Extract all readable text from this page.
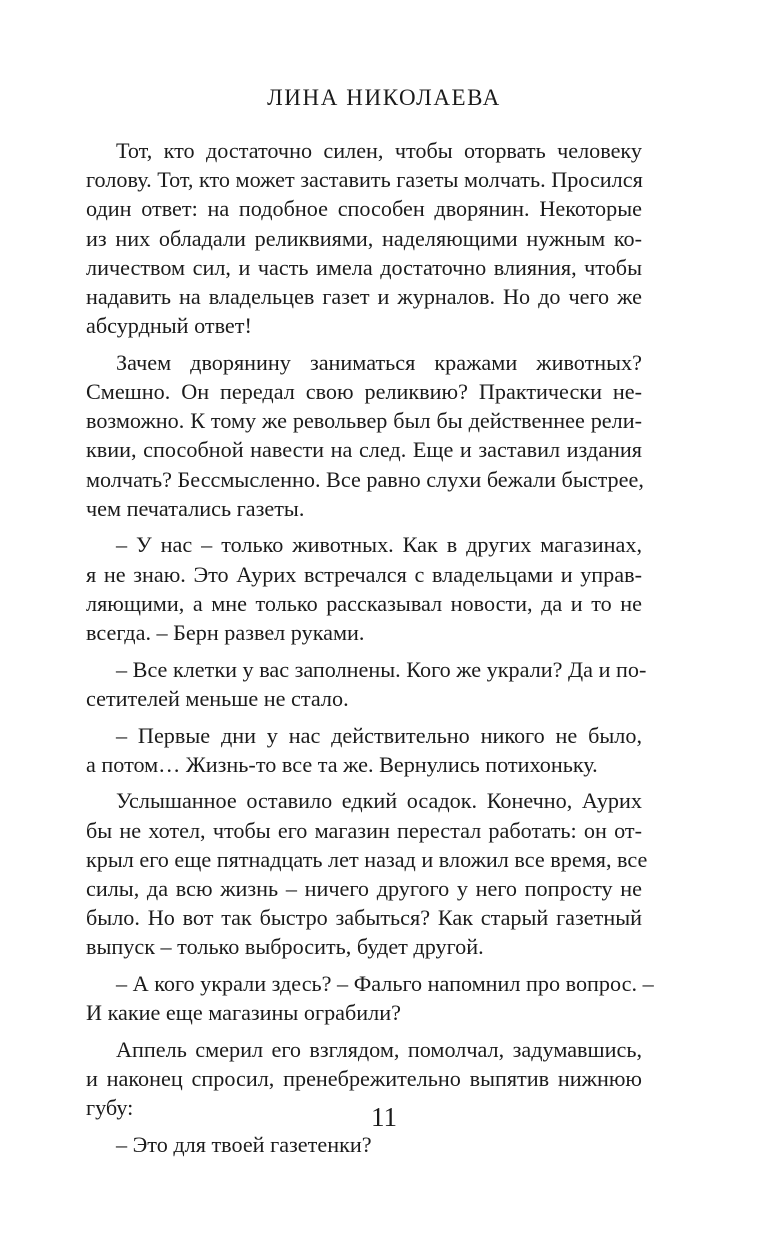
ЛИНА НИКОЛАЕВА

Тот, кто достаточно силен, чтобы оторвать человеку
голову. Тот, кто может заставить газеты молчать. Просился
один ответ: на подобное способен дворянин. Некоторые
из них обладали реликвиями, наделяющими нужным ко-
личеством сил, и часть имела достаточно влияния, чтобы
надавить на владельцев газет и журналов. Но до чего же
абсурдный ответ!

Зачем дворянину заниматься кражами животных?
Смешно. Он передал свою реликвию? Практически не-
возможно. К тому же револьвер был бы действеннее рели-
квии, способной навести на след. Еще и заставил издания
молчать? Бессмысленно. Все равно слухи бежали быстрее,
чем печатались газеты.

– У нас – только животных. Как в других магазинах,
я не знаю. Это Аурих встречался с владельцами и управ-
ляющими, а мне только рассказывал новости, да и то не
всегда. – Берн развел руками.

– Все клетки у вас заполнены. Кого же украли? Да и по-
сетителей меньше не стало.

– Первые дни у нас действительно никого не было,
а потом… Жизнь-то все та же. Вернулись потихоньку.

Услышанное оставило едкий осадок. Конечно, Аурих
бы не хотел, чтобы его магазин перестал работать: он от-
крыл его еще пятнадцать лет назад и вложил все время, все
силы, да всю жизнь – ничего другого у него попросту не
было. Но вот так быстро забыться? Как старый газетный
выпуск – только выбросить, будет другой.

– А кого украли здесь? – Фальго напомнил про вопрос. –
И какие еще магазины ограбили?

Аппель смерил его взглядом, помолчал, задумавшись,
и наконец спросил, пренебрежительно выпятив нижнюю
губу:

– Это для твоей газетенки?

11
